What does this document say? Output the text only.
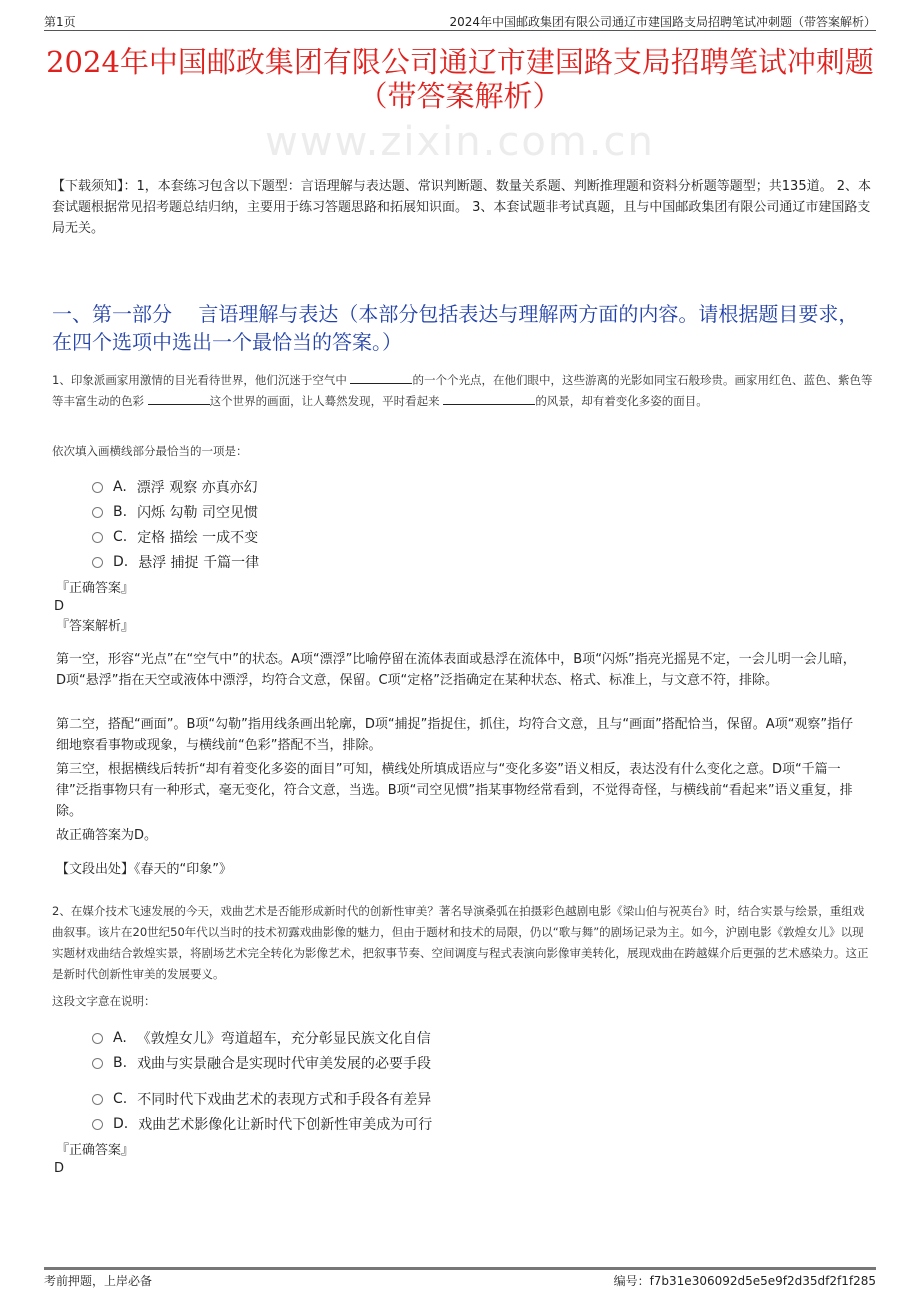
www.zixin.com.cn
第1页	2024年中国邮政集团有限公司通辽市建国路支局招聘笔试冲刺题（带答案解析）
2024年中国邮政集团有限公司通辽市建国路支局招聘笔试冲刺题（带答案解析）
【下载须知】：1，本套练习包含以下题型：言语理解与表达题、常识判断题、数量关系题、判断推理题和资料分析题等题型；共135道。 2、本套试题根据常见招考题总结归纳，主要用于练习答题思路和拓展知识面。 3、本套试题非考试真题，且与中国邮政集团有限公司通辽市建国路支局无关。
一、第一部分　 言语理解与表达（本部分包括表达与理解两方面的内容。请根据题目要求，在四个选项中选出一个最恰当的答案。）
1、印象派画家用激情的目光看待世界，他们沉迷于空气中	的一个个光点，在他们眼中，这些游离的光影如同宝石般珍贵。画家用红色、蓝色、紫色等等丰富生动的色彩	这个世界的画面，让人蓦然发现，平时看起来	的风景，却有着变化多姿的面目。
依次填入画横线部分最恰当的一项是：
A. 漂浮 观察 亦真亦幻
B. 闪烁 勾勒 司空见惯
C. 定格 描绘 一成不变
D. 悬浮 捕捉 千篇一律
『正确答案』
D
『答案解析』
第一空，形容“光点”在“空气中”的状态。A项“漂浮”比喻停留在流体表面或悬浮在流体中，B项“闪烁”指亮光摇晃不定，一会儿明一会儿暗，D项“悬浮”指在天空或液体中漂浮，均符合文意，保留。C项“定格”泛指确定在某种状态、格式、标准上，与文意不符，排除。
第二空，搭配“画面”。B项“勾勒”指用线条画出轮廓，D项“捕捉”指捉住，抓住，均符合文意，且与“画面”搭配恰当，保留。A项“观察”指仔细地察看事物或现象，与横线前“色彩”搭配不当，排除。
第三空，根据横线后转折“却有着变化多姿的面目”可知，横线处所填成语应与“变化多姿”语义相反，表达没有什么变化之意。D项“千篇一律”泛指事物只有一种形式，毫无变化，符合文意，当选。B项“司空见惯”指某事物经常看到，不觉得奇怪，与横线前“看起来”语义重复，排除。
故正确答案为D。
【文段出处】《春天的“印象”》
2、在媒介技术飞速发展的今天，戏曲艺术是否能形成新时代的创新性审美？著名导演桑弧在拍摄彩色越剧电影《梁山伯与祝英台》时，结合实景与绘景，重组戏曲叙事。该片在20世纪50年代以当时的技术初露戏曲影像的魅力，但由于题材和技术的局限，仍以“歌与舞”的剧场记录为主。如今，沪剧电影《敦煌女儿》以现实题材戏曲结合敦煌实景，将剧场艺术完全转化为影像艺术，把叙事节奏、空间调度与程式表演向影像审美转化，展现戏曲在跨越媒介后更强的艺术感染力。这正是新时代创新性审美的发展要义。
这段文字意在说明：
A. 《敦煌女儿》弯道超车，充分彰显民族文化自信
B. 戏曲与实景融合是实现时代审美发展的必要手段
C. 不同时代下戏曲艺术的表现方式和手段各有差异
D. 戏曲艺术影像化让新时代下创新性审美成为可行
『正确答案』
D
考前押题，上岸必备	编号：f7b31e306092d5e5e9f2d35df2f1f285
